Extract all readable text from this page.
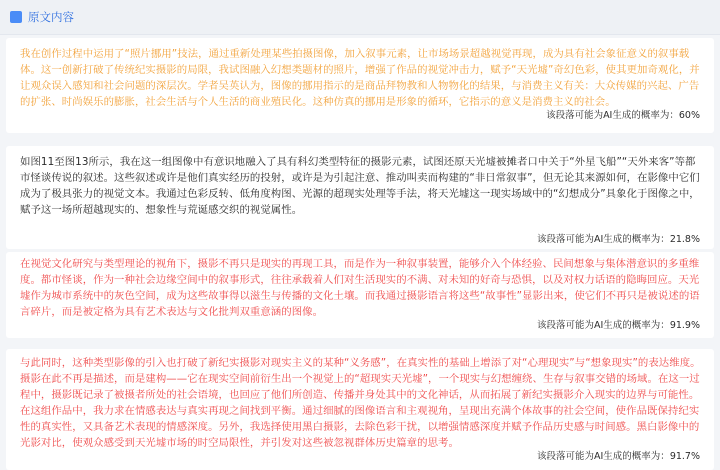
原文内容
我在创作过程中运用了“照片挪用”技法，通过重新处理某些拍摄图像，加入叙事元素，让市场场景超越视觉再现，成为具有社会象征意义的叙事载体。这一创新打破了传统纪实摄影的局限，我试图融入幻想类题材的照片，增强了作品的视觉冲击力，赋予“天光墟”奇幻色彩，使其更加奇观化，并让观众误入感知和社会问题的深层次。学者吴英认为，图像的挪用指示的是商品拜物教和人物物化的结果，与消费主义有关：大众传媒的兴起、广告的扩张、时尚娱乐的膨胀，社会生活与个人生活的商业殖民化。这种仿真的挪用是形象的循环，它指示的意义是消费主义的社会。
该段落可能为AI生成的概率为：60%
如图11至图13所示，我在这一组图像中有意识地融入了具有科幻类型特征的摄影元素，试图还原天光墟被摊者口中关于“外星飞船”“天外来客”等都市怪谈传说的叙述。这些叙述或许是他们真实经历的投射，或许是为引起注意、推动叫卖而构建的“非日常叙事”，但无论其来源如何，在影像中它们成为了极具张力的视觉文本。我通过色彩反转、低角度构图、光源的超现实处理等手法，将天光墟这一现实场域中的“幻想成分”具象化于图像之中，赋予这一场所超越现实的、想象性与荒诞感交织的视觉属性。
该段落可能为AI生成的概率为：21.8%
在视觉文化研究与类型理论的视角下，摄影不再只是现实的再现工具，而是作为一种叙事装置，能够介入个体经验、民间想象与集体潜意识的多重维度。都市怪谈，作为一种社会边缘空间中的叙事形式，往往承载着人们对生活现实的不满、对未知的好奇与恐惧，以及对权力话语的隐晦回应。天光墟作为城市系统中的灰色空间，成为这些故事得以滋生与传播的文化土壤。而我通过摄影语言将这些“故事性”显影出来，使它们不再只是被说述的语言碎片，而是被定格为具有艺术表达与文化批判双重意涵的图像。
该段落可能为AI生成的概率为：91.9%
与此同时，这种类型影像的引入也打破了新纪实摄影对现实主义的某种“义务感”，在真实性的基础上增添了对“心理现实”与“想象现实”的表达维度。摄影在此不再是描述，而是建构——它在现实空间前衍生出一个视觉上的“超现实天光墟”，一个现实与幻想缠绕、生存与叙事交错的场域。在这一过程中，摄影既记录了被摄者所处的社会语境，也回应了他们所创造、传播并身处其中的文化神话，从而拓展了新纪实摄影介入现实的边界与可能性。在这组作品中，我力求在情感表达与真实再现之间找到平衡。通过细腻的图像语言和主观视角，呈现出充满个体故事的社会空间，使作品既保持纪实性的真实性，又具备艺术表现的情感深度。另外，我选择使用黑白摄影，去除色彩干扰，以增强情感深度并赋予作品历史感与时间感。黑白影像中的光影对比，使观众感受到天光墟市场的时空局限性，并引发对这些被忽视群体历史篇章的思考。
该段落可能为AI生成的概率为：91.7%
